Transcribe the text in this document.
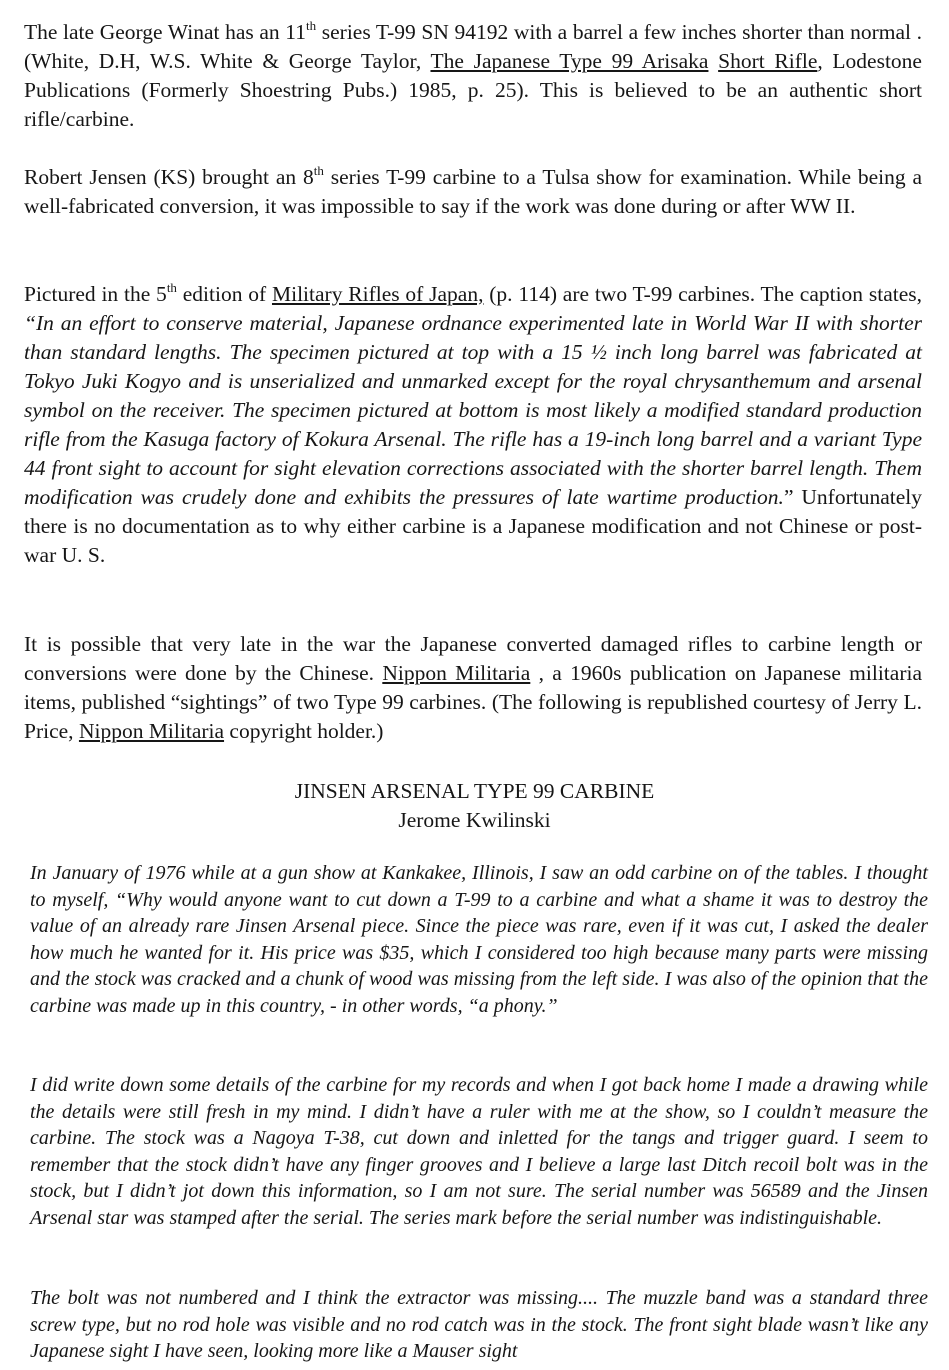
The late George Winat has an 11th series T-99 SN 94192 with a barrel a few inches shorter than normal . (White, D.H, W.S. White & George Taylor, The Japanese Type 99 Arisaka Short Rifle, Lodestone Publications (Formerly Shoestring Pubs.) 1985, p. 25). This is believed to be an authentic short rifle/carbine.

Robert Jensen (KS) brought an 8th series T-99 carbine to a Tulsa show for examination. While being a well-fabricated conversion, it was impossible to say if the work was done during or after WW II.

Pictured in the 5th edition of Military Rifles of Japan, (p. 114) are two T-99 carbines. The caption states, “In an effort to conserve material, Japanese ordnance experimented late in World War II with shorter than standard lengths. The specimen pictured at top with a 15 ½ inch long barrel was fabricated at Tokyo Juki Kogyo and is unserialized and unmarked except for the royal chrysanthemum and arsenal symbol on the receiver. The specimen pictured at bottom is most likely a modified standard production rifle from the Kasuga factory of Kokura Arsenal. The rifle has a 19-inch long barrel and a variant Type 44 front sight to account for sight elevation corrections associated with the shorter barrel length. Them modification was crudely done and exhibits the pressures of late wartime production.” Unfortunately there is no documentation as to why either carbine is a Japanese modification and not Chinese or post-war U. S.

It is possible that very late in the war the Japanese converted damaged rifles to carbine length or conversions were done by the Chinese. Nippon Militaria , a 1960s publication on Japanese militaria items, published “sightings” of two Type 99 carbines. (The following is republished courtesy of Jerry L. Price, Nippon Militaria copyright holder.)

JINSEN ARSENAL TYPE 99 CARBINE

Jerome Kwilinski

In January of 1976 while at a gun show at Kankakee, Illinois, I saw an odd carbine on of the tables. I thought to myself, “Why would anyone want to cut down a T-99 to a carbine and what a shame it was to destroy the value of an already rare Jinsen Arsenal piece. Since the piece was rare, even if it was cut, I asked the dealer how much he wanted for it. His price was $35, which I considered too high because many parts were missing and the stock was cracked and a chunk of wood was missing from the left side. I was also of the opinion that the carbine was made up in this country, - in other words, “a phony.”

I did write down some details of the carbine for my records and when I got back home I made a drawing while the details were still fresh in my mind. I didn’t have a ruler with me at the show, so I couldn’t measure the carbine. The stock was a Nagoya T-38, cut down and inletted for the tangs and trigger guard. I seem to remember that the stock didn’t have any finger grooves and I believe a large last Ditch recoil bolt was in the stock, but I didn’t jot down this information, so I am not sure. The serial number was 56589 and the Jinsen Arsenal star was stamped after the serial. The series mark before the serial number was indistinguishable.

The bolt was not numbered and I think the extractor was missing.... The muzzle band was a standard three screw type, but no rod hole was visible and no rod catch was in the stock. The front sight blade wasn’t like any Japanese sight I have seen, looking more like a Mauser sight
